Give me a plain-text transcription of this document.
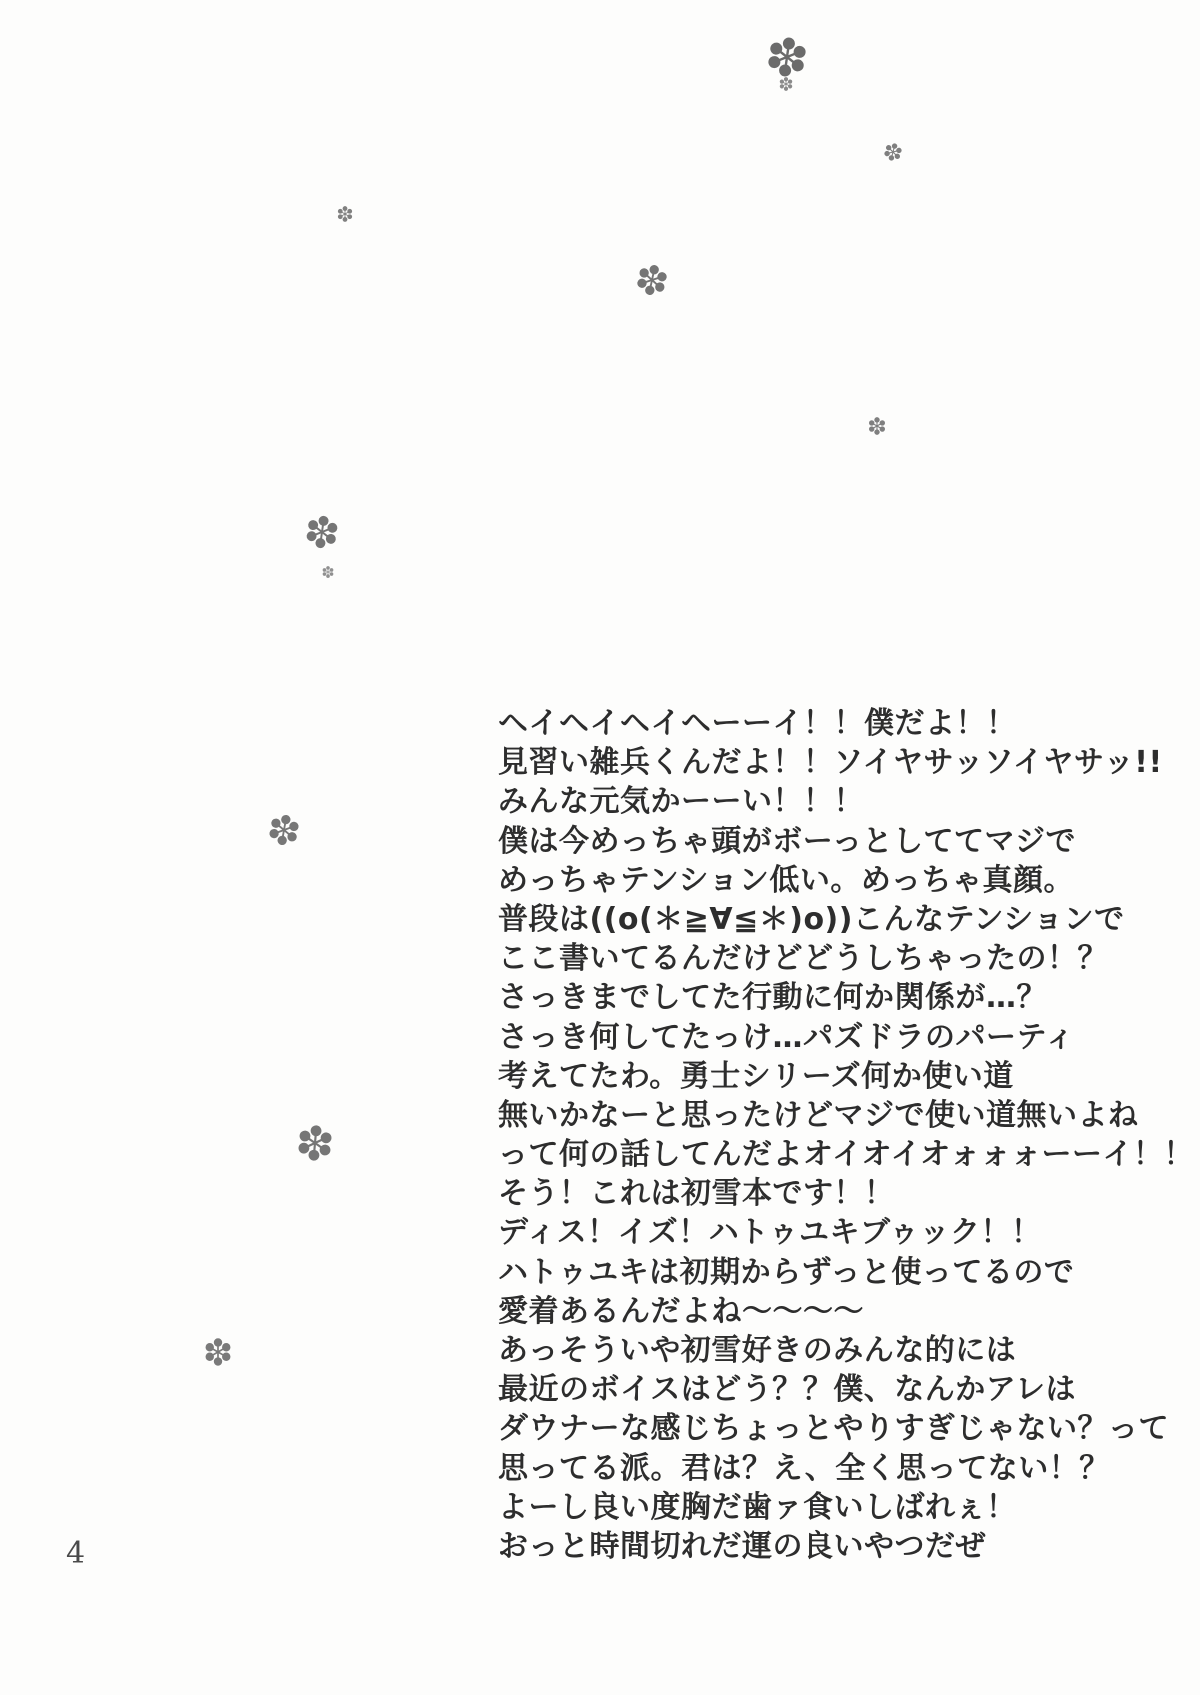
ヘイヘイヘイヘーーイ！！僕だよ！！
見習い雑兵くんだよ！！ソイヤサッソイヤサッ!!
みんな元気かーーい！！！
僕は今めっちゃ頭がボーっとしててマジで
めっちゃテンション低い。めっちゃ真顔。
普段は((o(＊≧∀≦＊)o))こんなテンションで
ここ書いてるんだけどどうしちゃったの！？
さっきまでしてた行動に何か関係が…？
さっき何してたっけ…パズドラのパーティ
考えてたわ。勇士シリーズ何か使い道
無いかなーと思ったけどマジで使い道無いよね
って何の話してんだよオイオイオォォォーーイ！！
そう！これは初雪本です！！
ディス！イズ！ハトゥユキブゥック！！
ハトゥユキは初期からずっと使ってるので
愛着あるんだよね～～～～
あっそういや初雪好きのみんな的には
最近のボイスはどう？？僕、なんかアレは
ダウナーな感じちょっとやりすぎじゃない？って
思ってる派。君は？え、全く思ってない！？
よーし良い度胸だ歯ァ食いしばれぇ！
おっと時間切れだ運の良いやつだぜ
4
